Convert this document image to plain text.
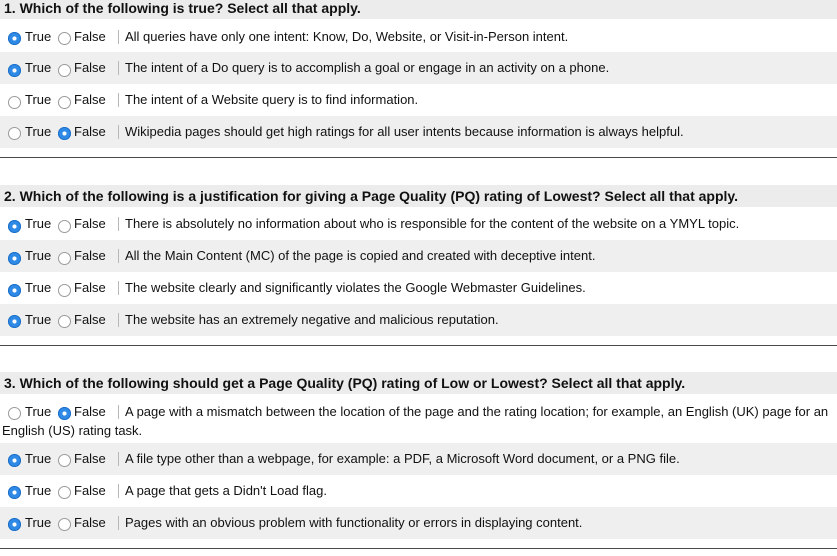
1. Which of the following is true? Select all that apply.
True False All queries have only one intent: Know, Do, Website, or Visit-in-Person intent.
True False The intent of a Do query is to accomplish a goal or engage in an activity on a phone.
True False The intent of a Website query is to find information.
True False Wikipedia pages should get high ratings for all user intents because information is always helpful.
2. Which of the following is a justification for giving a Page Quality (PQ) rating of Lowest? Select all that apply.
True False There is absolutely no information about who is responsible for the content of the website on a YMYL topic.
True False All the Main Content (MC) of the page is copied and created with deceptive intent.
True False The website clearly and significantly violates the Google Webmaster Guidelines.
True False The website has an extremely negative and malicious reputation.
3. Which of the following should get a Page Quality (PQ) rating of Low or Lowest? Select all that apply.
True False A page with a mismatch between the location of the page and the rating location; for example, an English (UK) page for an
English (US) rating task.
True False A file type other than a webpage, for example: a PDF, a Microsoft Word document, or a PNG file.
True False A page that gets a Didn't Load flag.
True False Pages with an obvious problem with functionality or errors in displaying content.
